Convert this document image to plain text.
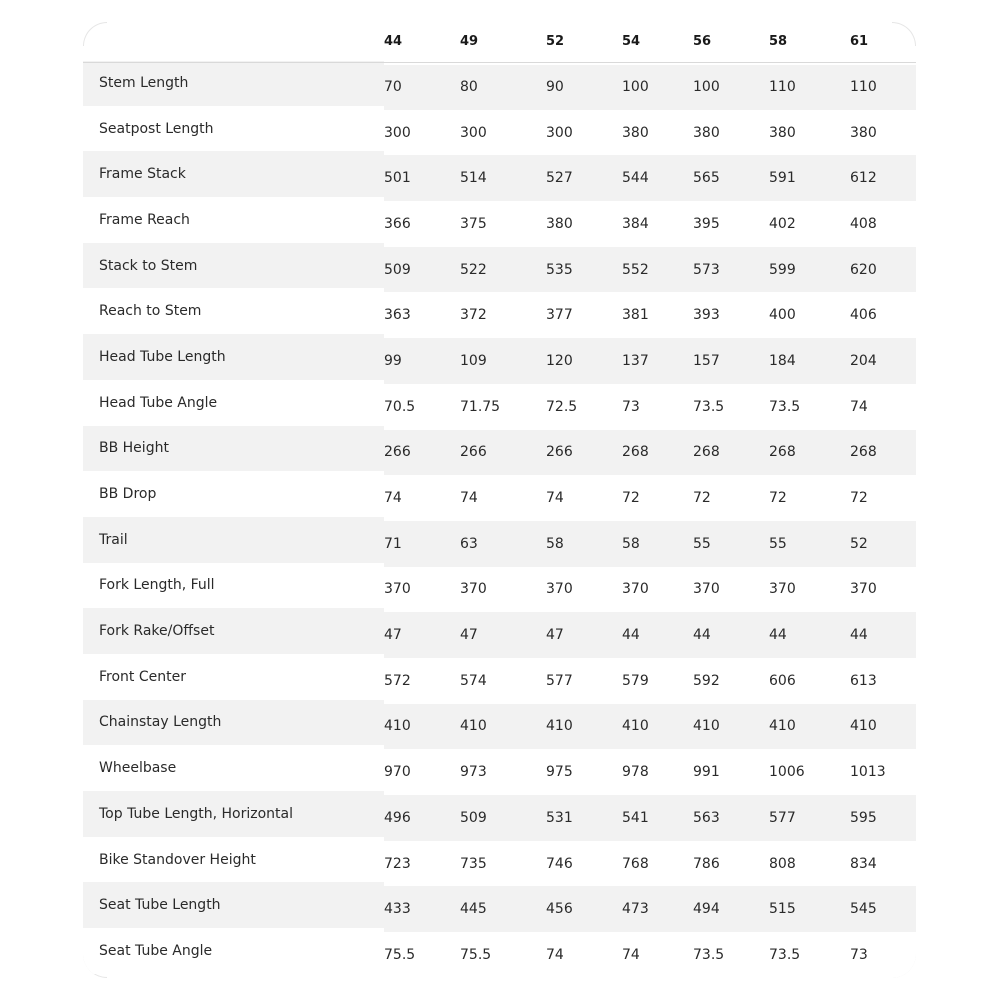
	44	49	52	54	56	58	61
Stem Length	70	80	90	100	100	110	110
Seatpost Length	300	300	300	380	380	380	380
Frame Stack	501	514	527	544	565	591	612
Frame Reach	366	375	380	384	395	402	408
Stack to Stem	509	522	535	552	573	599	620
Reach to Stem	363	372	377	381	393	400	406
Head Tube Length	99	109	120	137	157	184	204
Head Tube Angle	70.5	71.75	72.5	73	73.5	73.5	74
BB Height	266	266	266	268	268	268	268
BB Drop	74	74	74	72	72	72	72
Trail	71	63	58	58	55	55	52
Fork Length, Full	370	370	370	370	370	370	370
Fork Rake/Offset	47	47	47	44	44	44	44
Front Center	572	574	577	579	592	606	613
Chainstay Length	410	410	410	410	410	410	410
Wheelbase	970	973	975	978	991	1006	1013
Top Tube Length, Horizontal	496	509	531	541	563	577	595
Bike Standover Height	723	735	746	768	786	808	834
Seat Tube Length	433	445	456	473	494	515	545
Seat Tube Angle	75.5	75.5	74	74	73.5	73.5	73
